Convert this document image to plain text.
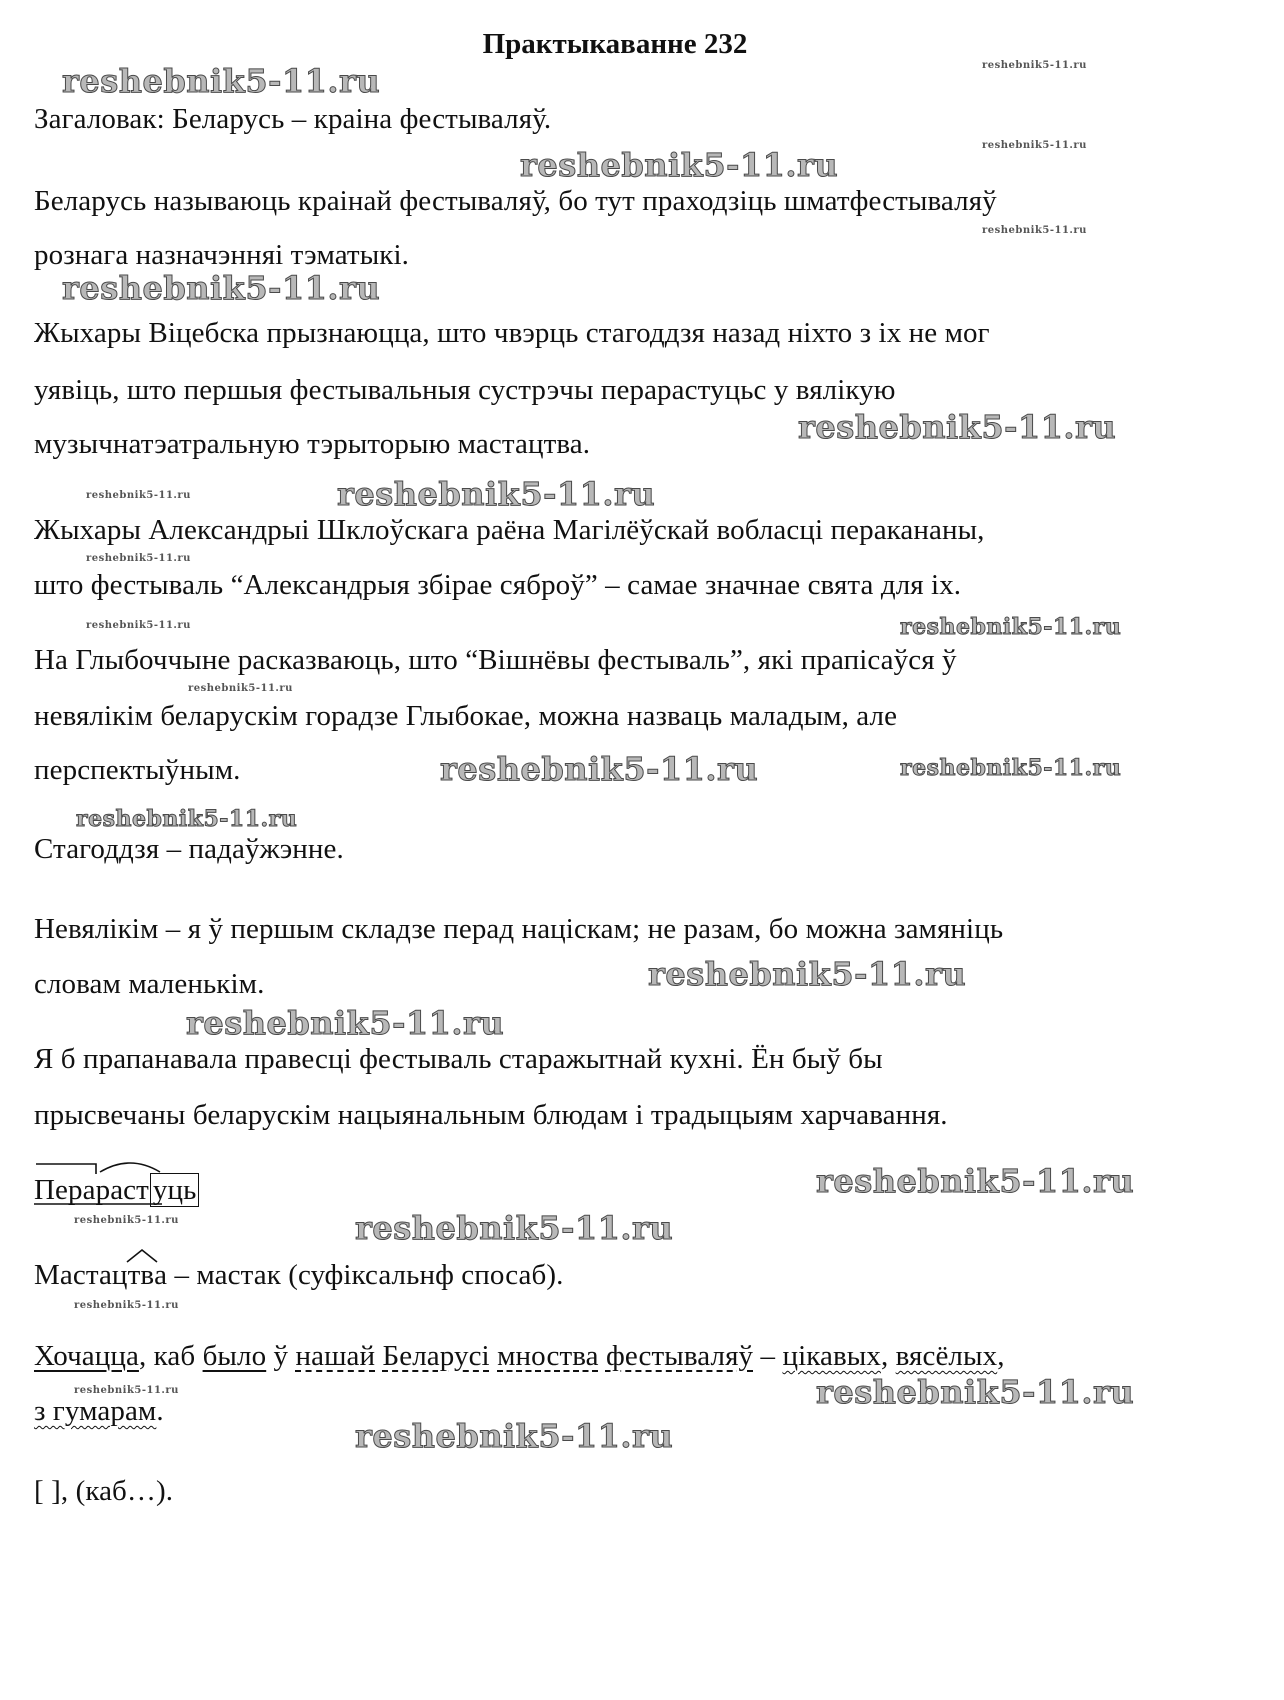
Практыкаванне 232
Загаловак: Беларусь – краіна фестываляў.
Беларусь называюць краінай фестываляў, бо тут праходзіць шматфестываляў
рознага назначэнняі тэматыкі.
Жыхары Віцебска прызнаюцца, што чвэрць стагоддзя назад ніхто з іх не мог
уявіць, што першыя фестывальныя сустрэчы перарастуцьс у вялікую
музычнатэатральную тэрыторыю мастацтва.
Жыхары Александрыі Шклоўскага раёна Магілёўскай вобласці перакананы,
што фестываль “Александрыя збірае сяброў” – самае значнае свята для іх.
На Глыбоччыне расказваюць, што “Вішнёвы фестываль”, які прапісаўся ў
невялікім беларускім горадзе Глыбокае, можна назваць маладым, але
перспектыўным.
Стагоддзя – падаўжэнне.
Невялікім – я ў першым складзе перад націскам; не разам, бо можна замяніць
словам маленькім.
Я б прапанавала правесці фестываль старажытнай кухні. Ён быў бы
прысвечаны беларускім нацыянальным блюдам і традыцыям харчавання.
Перараст уць
Мастацтв
а – мастак (суфіксальнф спосаб).
Хочацца, каб было ў нашай Беларусі мноства фестываляў – цікавых, вясёлых,
з гумарам.
[ ], (каб…).
reshebnik5-11.ru	reshebnik5-11.ru
reshebnik5-11.ru
reshebnik5-11.ru
reshebnik5-11.ru
reshebnik5-11.ru
reshebnik5-11.ru
reshebnik5-11.ru	reshebnik5-11.ru
reshebnik5-11.ru
reshebnik5-11.ru	reshebnik5-11.ru
reshebnik5-11.ru
reshebnik5-11.ru	reshebnik5-11.ru
reshebnik5-11.ru
reshebnik5-11.ru
reshebnik5-11.ru
reshebnik5-11.ru
reshebnik5-11.ru	reshebnik5-11.ru
reshebnik5-11.ru
reshebnik5-11.ru	reshebnik5-11.ru
reshebnik5-11.ru
